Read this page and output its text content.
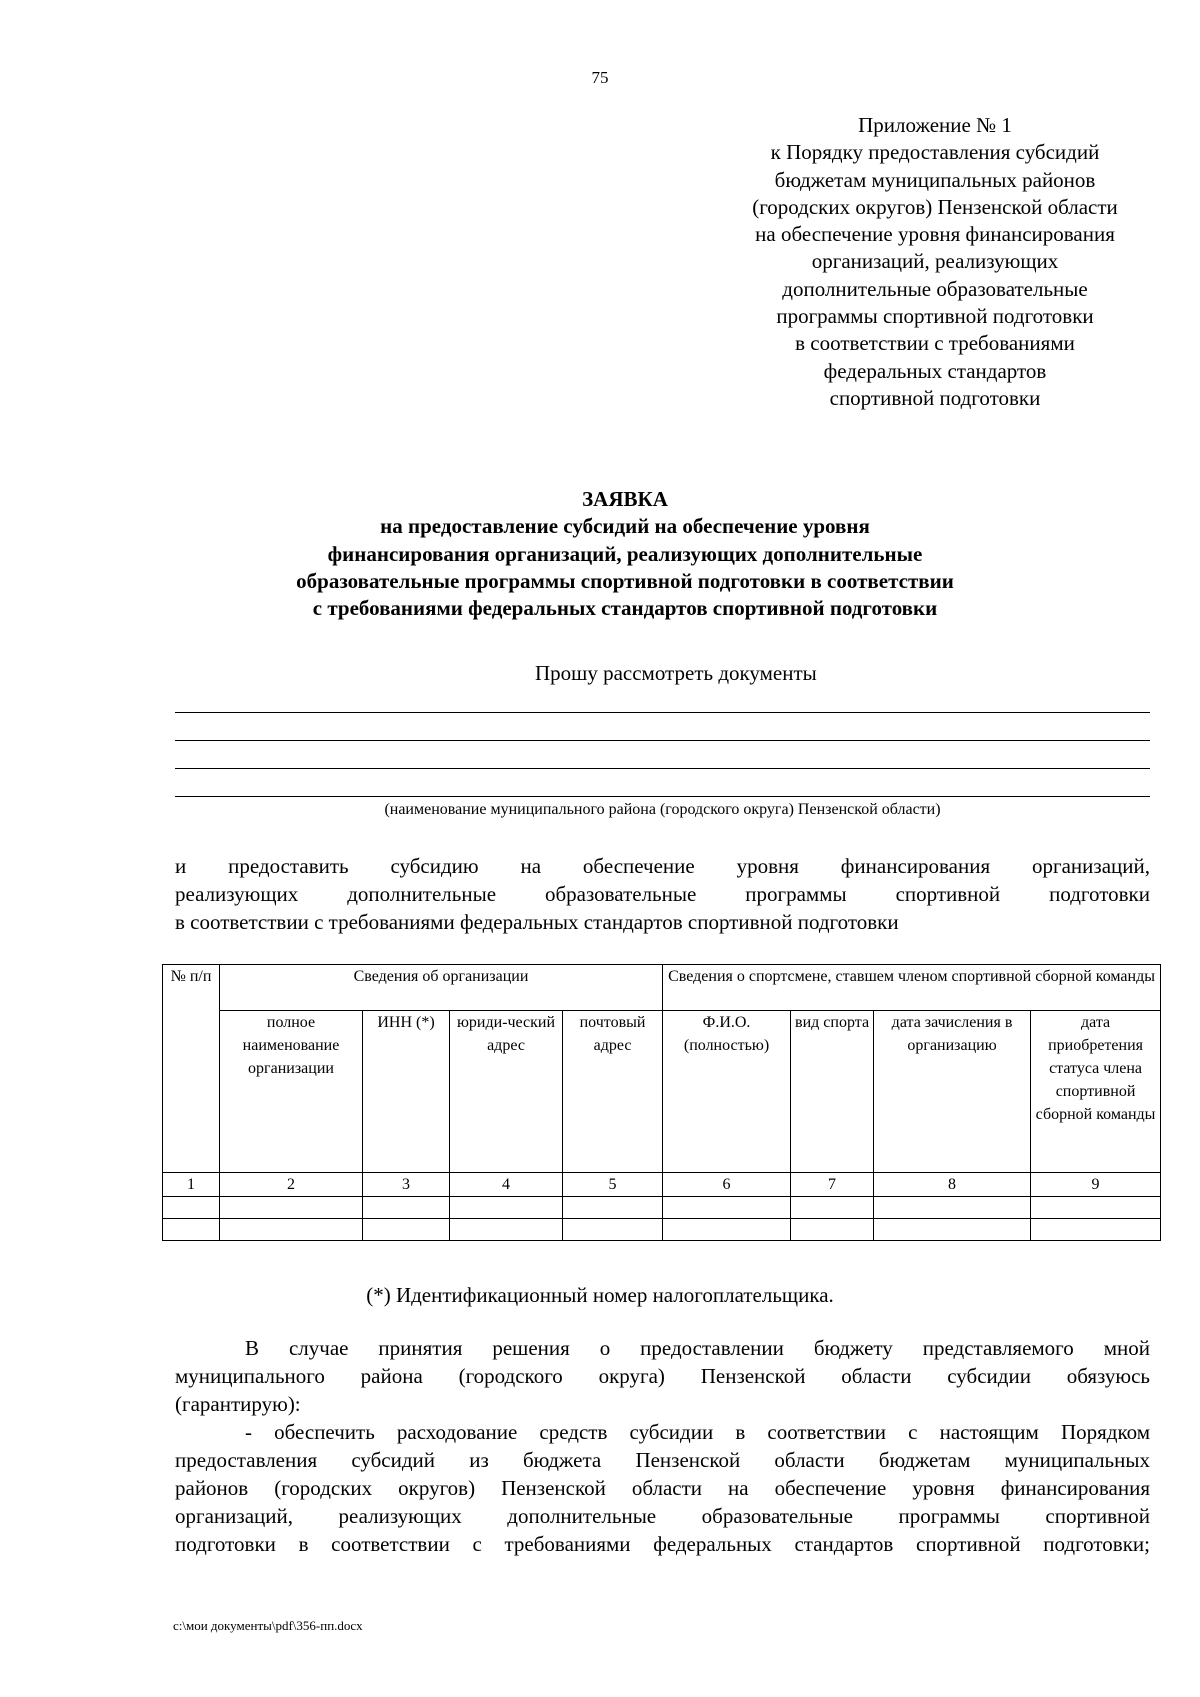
75
Приложение № 1
к Порядку предоставления субсидий
бюджетам муниципальных районов
(городских округов) Пензенской области
на обеспечение уровня финансирования
организаций, реализующих
дополнительные образовательные
программы спортивной подготовки
в соответствии с требованиями
федеральных стандартов
спортивной подготовки
ЗАЯВКА
на предоставление субсидий на обеспечение уровня
финансирования организаций, реализующих дополнительные
образовательные программы спортивной подготовки в соответствии
с требованиями федеральных стандартов спортивной подготовки
Прошу рассмотреть документы
(наименование муниципального района (городского округа) Пензенской области)
и предоставить субсидию на обеспечение уровня финансирования организаций,
реализующих дополнительные образовательные программы спортивной подготовки
в соответствии с требованиями федеральных стандартов спортивной подготовки
№ п/п	Сведения об организации				Сведения о спортсмене, ставшем членом спортивной сборной команды			
	полное наименование организации	ИНН (*)	юриди-ческий адрес	почтовый адрес	Ф.И.О. (полностью)	вид спорта	дата зачисления в организацию	дата приобретения статуса члена спортивной сборной команды
1	2	3	4	5	6	7	8	9

(*) Идентификационный номер налогоплательщика.
В случае принятия решения о предоставлении бюджету представляемого мной
муниципального района (городского округа) Пензенской области субсидии обязуюсь
(гарантирую):
- обеспечить расходование средств субсидии в соответствии с настоящим Порядком
предоставления субсидий из бюджета Пензенской области бюджетам муниципальных
районов (городских округов) Пензенской области на обеспечение уровня финансирования
организаций, реализующих дополнительные образовательные программы спортивной
подготовки в соответствии с требованиями федеральных стандартов спортивной подготовки;
c:\мои документы\pdf\356-пп.docx
